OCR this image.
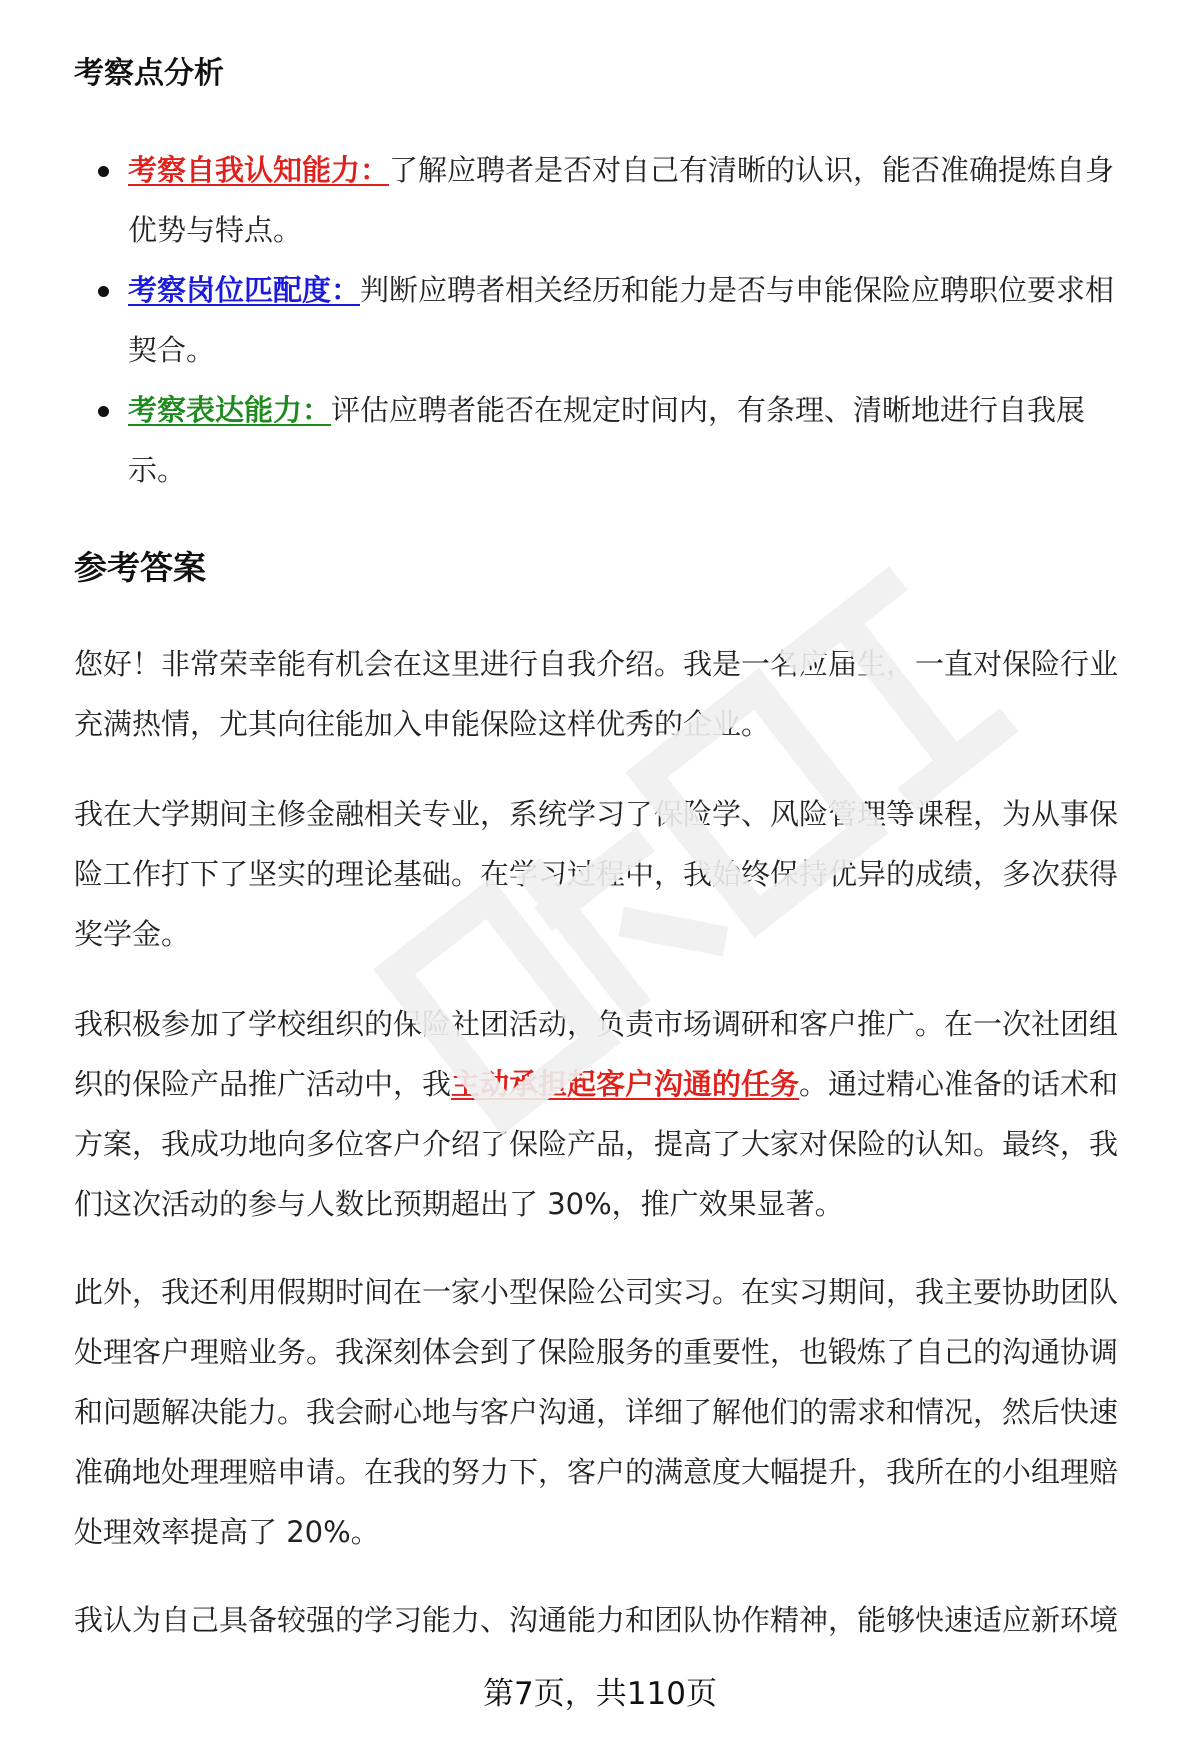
考察点分析
考察自我认知能力：了解应聘者是否对自己有清晰的认识，能否准确提炼自身优势与特点。
考察岗位匹配度：判断应聘者相关经历和能力是否与申能保险应聘职位要求相契合。
考察表达能力：评估应聘者能否在规定时间内，有条理、清晰地进行自我展示。
参考答案

您好！非常荣幸能有机会在这里进行自我介绍。我是一名应届生，一直对保险行业充满热情，尤其向往能加入申能保险这样优秀的企业。

我在大学期间主修金融相关专业，系统学习了保险学、风险管理等课程，为从事保险工作打下了坚实的理论基础。在学习过程中，我始终保持优异的成绩，多次获得奖学金。

我积极参加了学校组织的保险社团活动，负责市场调研和客户推广。在一次社团组织的保险产品推广活动中，我主动承担起客户沟通的任务。通过精心准备的话术和方案，我成功地向多位客户介绍了保险产品，提高了大家对保险的认知。最终，我们这次活动的参与人数比预期超出了 30%，推广效果显著。

此外，我还利用假期时间在一家小型保险公司实习。在实习期间，我主要协助团队处理客户理赔业务。我深刻体会到了保险服务的重要性，也锻炼了自己的沟通协调和问题解决能力。我会耐心地与客户沟通，详细了解他们的需求和情况，然后快速准确地处理理赔申请。在我的努力下，客户的满意度大幅提升，我所在的小组理赔处理效率提高了 20%。

我认为自己具备较强的学习能力、沟通能力和团队协作精神，能够快速适应新环境

第7页，共110页
